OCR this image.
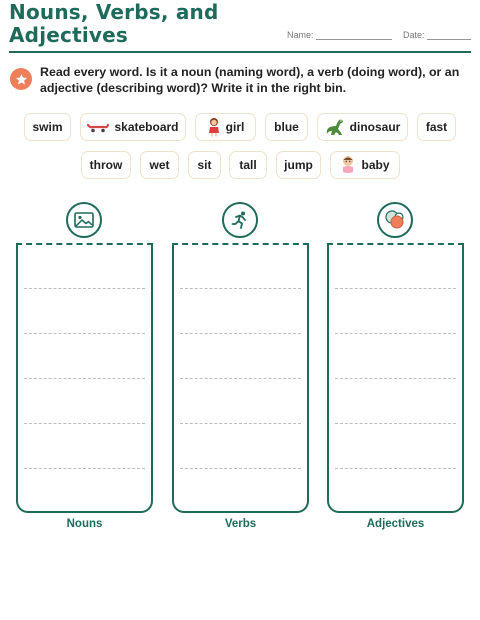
Nouns, Verbs, and Adjectives	Name:	Date:
Read every word. Is it a noun (naming word), a verb (doing word), or an adjective (describing word)? Write it in the right bin.
swim	skateboard	girl blue	dinosaur fast
throw wet sit tall jump	baby
Nouns	Verbs	Adjectives
